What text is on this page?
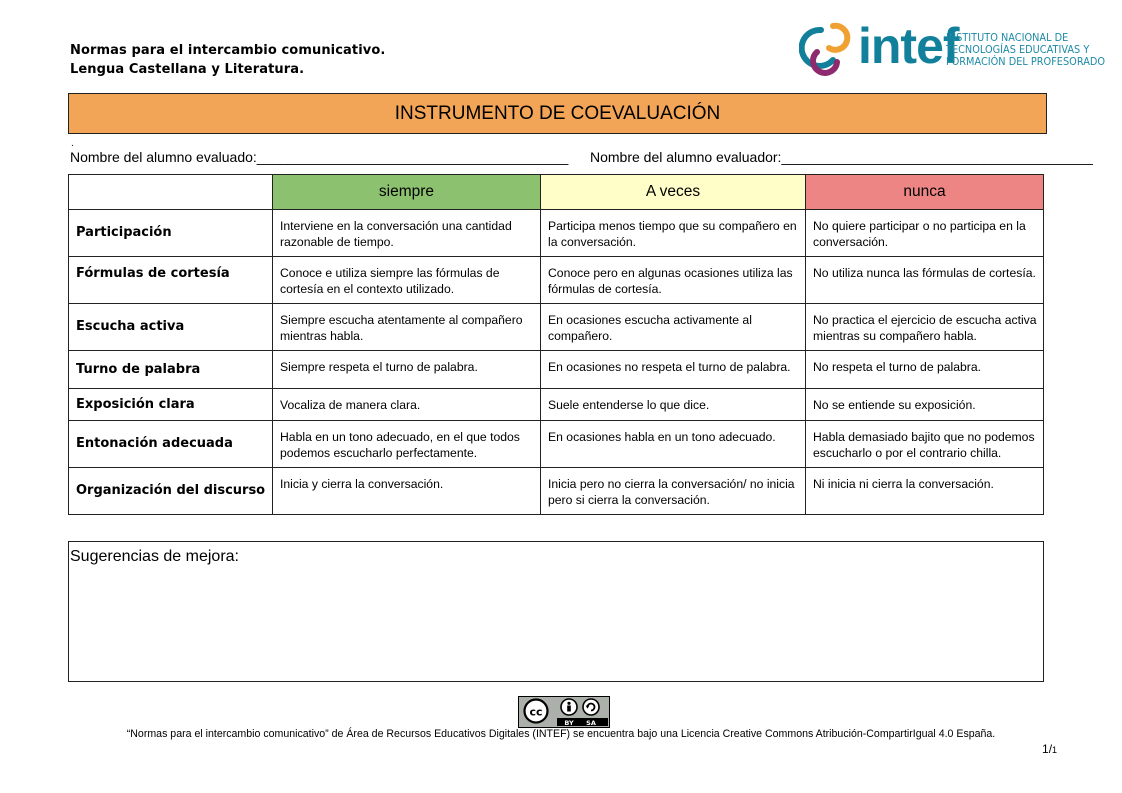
Normas para el intercambio comunicativo.
Lengua Castellana y Literatura.	intef
INSTITUTO NACIONAL DE
TECNOLOGÍAS EDUCATIVAS Y
FORMACIÓN DEL PROFESORADO
INSTRUMENTO DE COEVALUACIÓN
.
Nombre del alumno evaluado:________________________________________ Nombre del alumno evaluador:________________________________________
	siempre	A veces	nunca
Participación	Interviene en la conversación una cantidad razonable de tiempo.	Participa menos tiempo que su compañero en la conversación.	No quiere participar o no participa en la conversación.
Fórmulas de cortesía	Conoce e utiliza siempre las fórmulas de cortesía en el contexto utilizado.	Conoce pero en algunas ocasiones utiliza las fórmulas de cortesía.	No utiliza nunca las fórmulas de cortesía.
Escucha activa	Siempre escucha atentamente al compañero mientras habla.	En ocasiones escucha activamente al compañero.	No practica el ejercicio de escucha activa mientras su compañero habla.
Turno de palabra	Siempre respeta el turno de palabra.	En ocasiones no respeta el turno de palabra.	No respeta el turno de palabra.
Exposición clara	Vocaliza de manera clara.	Suele entenderse lo que dice.	No se entiende su exposición.
Entonación adecuada	Habla en un tono adecuado, en el que todos podemos escucharlo perfectamente.	En ocasiones habla en un tono adecuado.	Habla demasiado bajito que no podemos escucharlo o por el contrario chilla.
Organización del discurso	Inicia y cierra la conversación.	Inicia pero no cierra la conversación/ no inicia pero si cierra la conversación.	Ni inicia ni cierra la conversación.
Sugerencias de mejora:
cc
BY SA
“Normas para el intercambio comunicativo” de Área de Recursos Educativos Digitales (INTEF) se encuentra bajo una Licencia Creative Commons Atribución-CompartirIgual 4.0 España.
1/1
